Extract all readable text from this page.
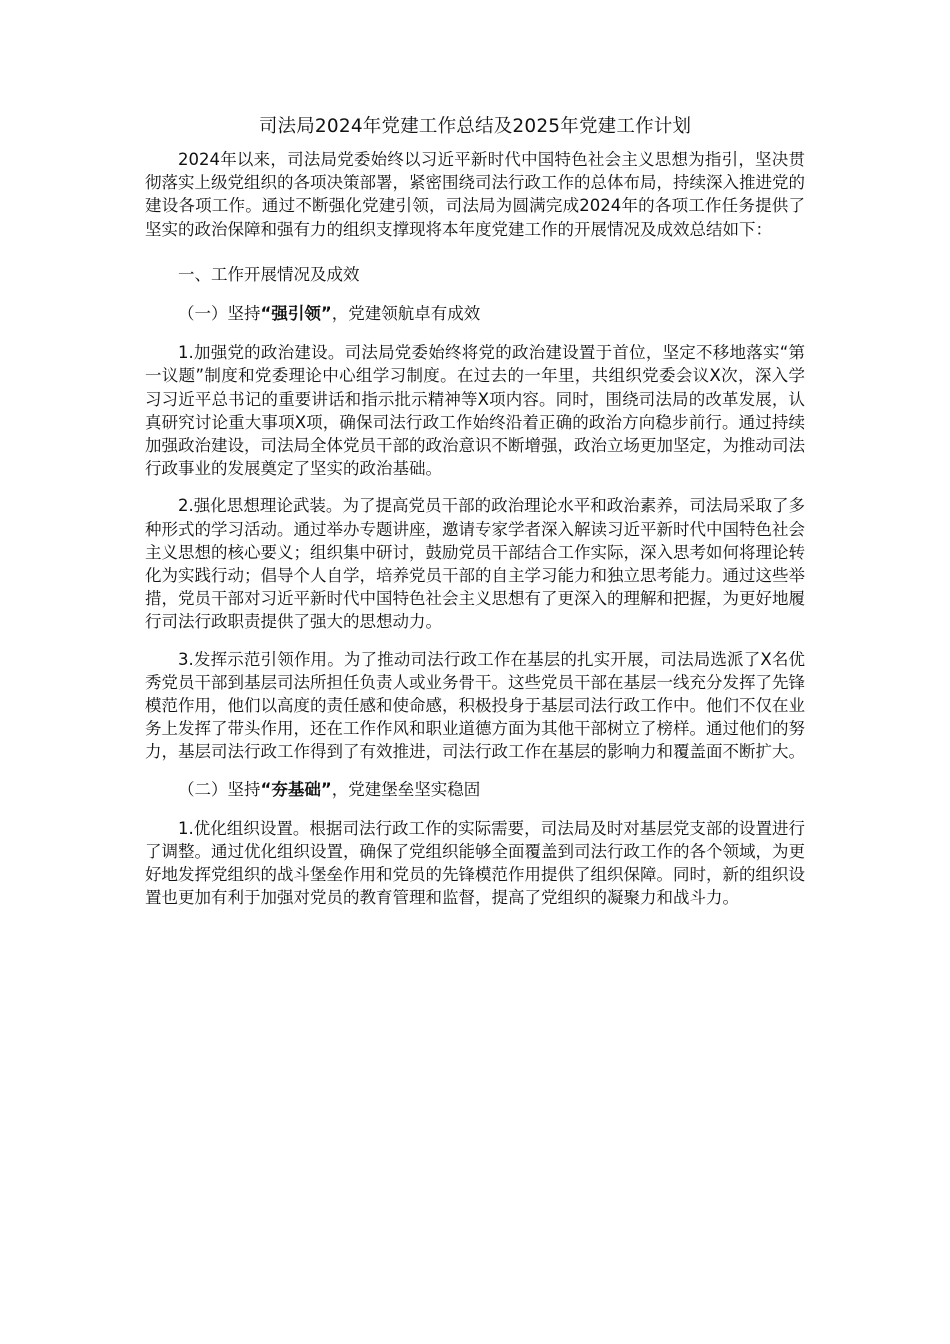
司法局2024年党建工作总结及2025年党建工作计划

2024年以来，司法局党委始终以习近平新时代中国特色社会主义思想为指引，坚决贯彻落实上级党组织的各项决策部署，紧密围绕司法行政工作的总体布局，持续深入推进党的建设各项工作。通过不断强化党建引领，司法局为圆满完成2024年的各项工作任务提供了坚实的政治保障和强有力的组织支撑现将本年度党建工作的开展情况及成效总结如下：

一、工作开展情况及成效

（一）坚持“强引领”，党建领航卓有成效

1.加强党的政治建设。司法局党委始终将党的政治建设置于首位，坚定不移地落实“第一议题”制度和党委理论中心组学习制度。在过去的一年里，共组织党委会议X次，深入学习习近平总书记的重要讲话和指示批示精神等X项内容。同时，围绕司法局的改革发展，认真研究讨论重大事项X项，确保司法行政工作始终沿着正确的政治方向稳步前行。通过持续加强政治建设，司法局全体党员干部的政治意识不断增强，政治立场更加坚定，为推动司法行政事业的发展奠定了坚实的政治基础。

2.强化思想理论武装。为了提高党员干部的政治理论水平和政治素养，司法局采取了多种形式的学习活动。通过举办专题讲座，邀请专家学者深入解读习近平新时代中国特色社会主义思想的核心要义；组织集中研讨，鼓励党员干部结合工作实际，深入思考如何将理论转化为实践行动；倡导个人自学，培养党员干部的自主学习能力和独立思考能力。通过这些举措，党员干部对习近平新时代中国特色社会主义思想有了更深入的理解和把握，为更好地履行司法行政职责提供了强大的思想动力。

3.发挥示范引领作用。为了推动司法行政工作在基层的扎实开展，司法局选派了X名优秀党员干部到基层司法所担任负责人或业务骨干。这些党员干部在基层一线充分发挥了先锋模范作用，他们以高度的责任感和使命感，积极投身于基层司法行政工作中。他们不仅在业务上发挥了带头作用，还在工作作风和职业道德方面为其他干部树立了榜样。通过他们的努力，基层司法行政工作得到了有效推进，司法行政工作在基层的影响力和覆盖面不断扩大。

（二）坚持“夯基础”，党建堡垒坚实稳固

1.优化组织设置。根据司法行政工作的实际需要，司法局及时对基层党支部的设置进行了调整。通过优化组织设置，确保了党组织能够全面覆盖到司法行政工作的各个领域，为更好地发挥党组织的战斗堡垒作用和党员的先锋模范作用提供了组织保障。同时，新的组织设置也更加有利于加强对党员的教育管理和监督，提高了党组织的凝聚力和战斗力。
